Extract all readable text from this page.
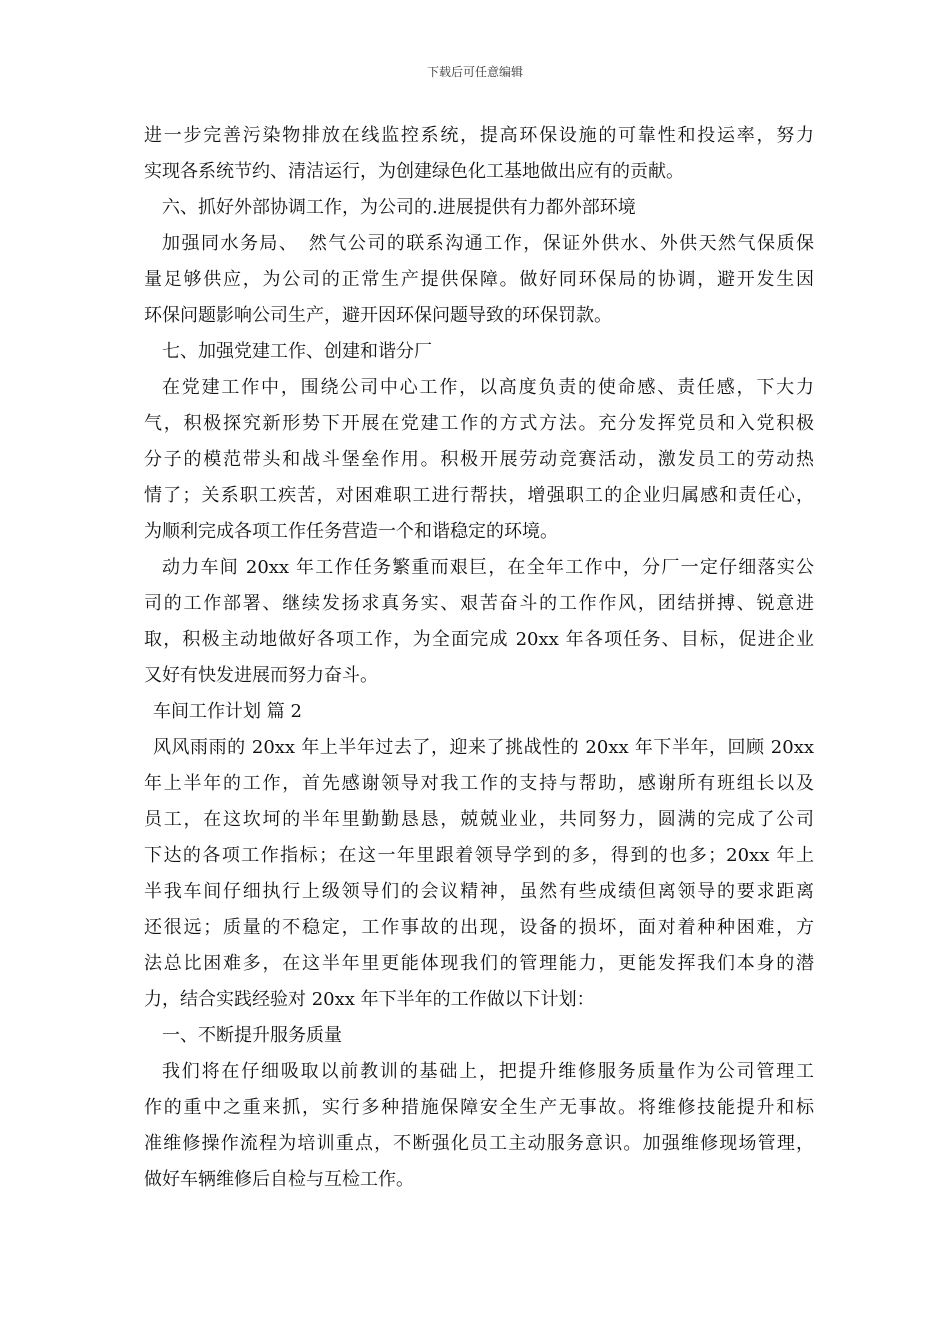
下载后可任意编辑
进一步完善污染物排放在线监控系统，提高环保设施的可靠性和投运率，努力
实现各系统节约、清洁运行，为创建绿色化工基地做出应有的贡献。
六、抓好外部协调工作，为公司的.进展提供有力都外部环境
加强同水务局、　然气公司的联系沟通工作，保证外供水、外供天然气保质保
量足够供应，为公司的正常生产提供保障。做好同环保局的协调，避开发生因
环保问题影响公司生产，避开因环保问题导致的环保罚款。
七、加强党建工作、创建和谐分厂
在党建工作中，围绕公司中心工作，以高度负责的使命感、责任感，下大力
气，积极探究新形势下开展在党建工作的方式方法。充分发挥党员和入党积极
分子的模范带头和战斗堡垒作用。积极开展劳动竞赛活动，激发员工的劳动热
情了；关系职工疾苦，对困难职工进行帮扶，增强职工的企业归属感和责任心，
为顺利完成各项工作任务营造一个和谐稳定的环境。
动力车间 20xx 年工作任务繁重而艰巨，在全年工作中，分厂一定仔细落实公
司的工作部署、继续发扬求真务实、艰苦奋斗的工作作风，团结拼搏、锐意进
取，积极主动地做好各项工作，为全面完成 20xx 年各项任务、目标，促进企业
又好有快发进展而努力奋斗。
车间工作计划 篇 2
风风雨雨的 20xx 年上半年过去了，迎来了挑战性的 20xx 年下半年，回顾 20xx
年上半年的工作，首先感谢领导对我工作的支持与帮助，感谢所有班组长以及
员工，在这坎坷的半年里勤勤恳恳，兢兢业业，共同努力，圆满的完成了公司
下达的各项工作指标；在这一年里跟着领导学到的多，得到的也多；20xx 年上
半我车间仔细执行上级领导们的会议精神，虽然有些成绩但离领导的要求距离
还很远；质量的不稳定，工作事故的出现，设备的损坏，面对着种种困难，方
法总比困难多，在这半年里更能体现我们的管理能力，更能发挥我们本身的潜
力，结合实践经验对 20xx 年下半年的工作做以下计划：
一、不断提升服务质量
我们将在仔细吸取以前教训的基础上，把提升维修服务质量作为公司管理工
作的重中之重来抓，实行多种措施保障安全生产无事故。将维修技能提升和标
准维修操作流程为培训重点，不断强化员工主动服务意识。加强维修现场管理，
做好车辆维修后自检与互检工作。
